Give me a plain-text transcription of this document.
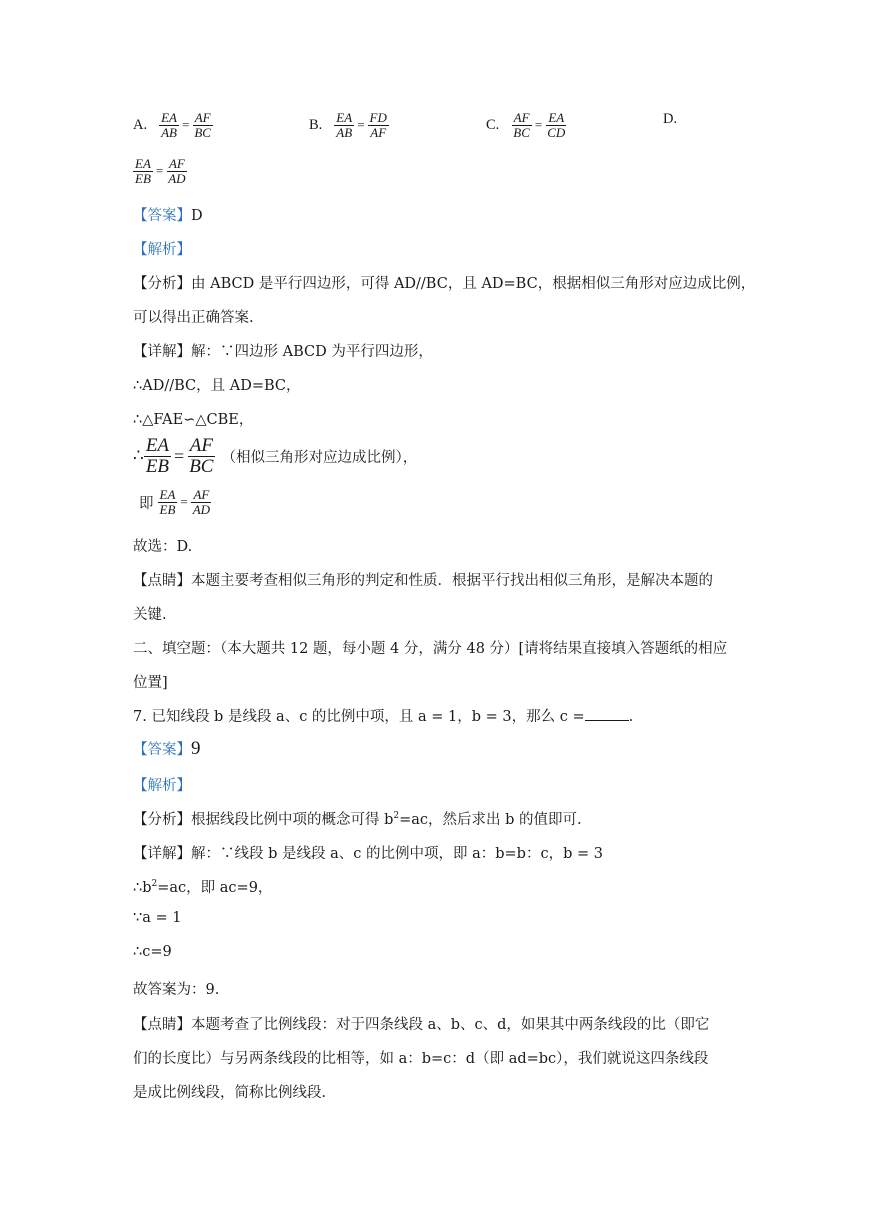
A. $\frac{EA}{AB} = \frac{AF}{BC}$	B. $\frac{EA}{AB} = \frac{FD}{AF}$	C. $\frac{AF}{BC} = \frac{EA}{CD}$	D.
$\frac{EA}{EB} = \frac{AF}{AD}$
【答案】D
【解析】
【分析】由 ABCD 是平行四边形，可得 AD//BC，且 AD=BC，根据相似三角形对应边成比例，
可以得出正确答案.
【详解】解：∵四边形 ABCD 为平行四边形，
∴AD//BC，且 AD=BC，
∴△FAE∽△CBE，
∴ $\frac{EA}{EB} = \frac{AF}{BC}$ （相似三角形对应边成比例），
即 $\frac{EA}{EB} = \frac{AF}{AD}$
故选：D.
【点睛】本题主要考查相似三角形的判定和性质．根据平行找出相似三角形，是解决本题的
关键.
二、填空题：（本大题共 12 题，每小题 4 分，满分 48 分）[请将结果直接填入答题纸的相应
位置]
7. 已知线段 b 是线段 a、c 的比例中项，且 a = 1，b = 3，那么 c =	.
【答案】9
【解析】
【分析】根据线段比例中项的概念可得 $b^2=ac$，然后求出 b 的值即可.
【详解】解：∵线段 b 是线段 a、c 的比例中项，即 a：b=b：c，b = 3
$\therefore b^2=ac$，即 ac=9，
∵a = 1
∴c=9
故答案为：9.
【点睛】本题考查了比例线段：对于四条线段 a、b、c、d，如果其中两条线段的比（即它
们的长度比）与另两条线段的比相等，如 a：b=c：d（即 ad=bc），我们就说这四条线段
是成比例线段，简称比例线段.
